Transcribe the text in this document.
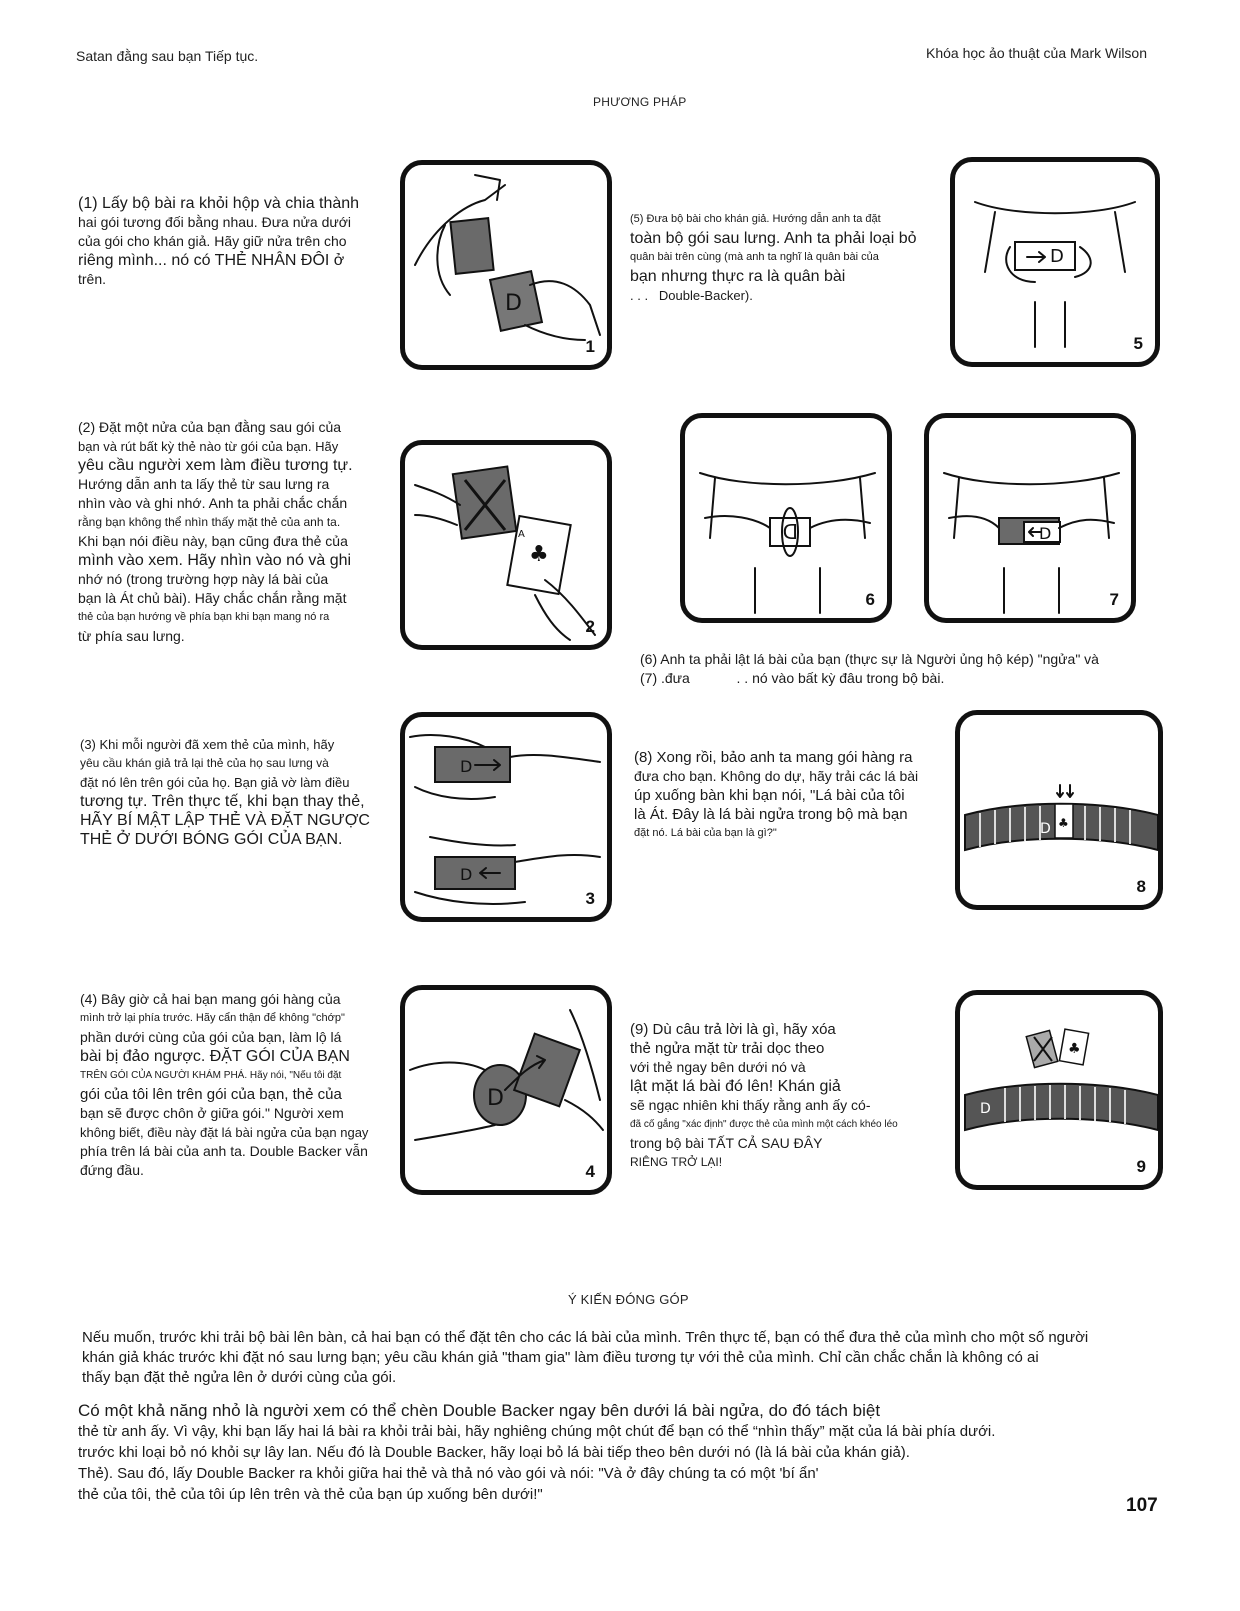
Satan đằng sau bạn Tiếp tục.	Khóa học ảo thuật của Mark Wilson
PHƯƠNG PHÁP
(1) Lấy bộ bài ra khỏi hộp và chia thành
hai gói tương đối bằng nhau. Đưa nửa dưới
của gói cho khán giả. Hãy giữ nửa trên cho
riêng mình... nó có THẺ NHÂN ĐÔI ở
trên.
D
1
(5) Đưa bộ bài cho khán giả. Hướng dẫn anh ta đặt
toàn bộ gói sau lưng. Anh ta phải loại bỏ
quân bài trên cùng (mà anh ta nghĩ là quân bài của
bạn nhưng thực ra là quân bài
. . . Double-Backer).
D
5
(2) Đặt một nửa của bạn đằng sau gói của
bạn và rút bất kỳ thẻ nào từ gói của bạn. Hãy
yêu cầu người xem làm điều tương tự.
Hướng dẫn anh ta lấy thẻ từ sau lưng ra
nhìn vào và ghi nhớ. Anh ta phải chắc chắn
rằng bạn không thể nhìn thấy mặt thẻ của anh ta.
Khi bạn nói điều này, bạn cũng đưa thẻ của
mình vào xem. Hãy nhìn vào nó và ghi
nhớ nó (trong trường hợp này lá bài của
bạn là Át chủ bài). Hãy chắc chắn rằng mặt
thẻ của bạn hướng về phía bạn khi bạn mang nó ra
từ phía sau lưng.
♣
A
2
D
6
D
7
(6) Anh ta phải lật lá bài của bạn (thực sự là Người ủng hộ kép) "ngửa" và
(7) .đưa	. . nó vào bất kỳ đâu trong bộ bài.
(3) Khi mỗi người đã xem thẻ của mình, hãy
yêu cầu khán giả trả lại thẻ của họ sau lưng và
đặt nó lên trên gói của họ. Bạn giả vờ làm điều
tương tự. Trên thực tế, khi bạn thay thẻ,
HÃY BÍ MẬT LẬP THẺ VÀ ĐẶT NGƯỢC
THẺ Ở DƯỚI BÓNG GÓI CỦA BẠN.
D
D
3
(8) Xong rồi, bảo anh ta mang gói hàng ra
đưa cho bạn. Không do dự, hãy trải các lá bài
úp xuống bàn khi bạn nói, "Lá bài của tôi
là Át. Đây là lá bài ngửa trong bộ mà bạn
đặt nó. Lá bài của bạn là gì?"
♣
D
8
(4) Bây giờ cả hai bạn mang gói hàng của
mình trở lại phía trước. Hãy cẩn thận để không "chớp"
phần dưới cùng của gói của bạn, làm lộ lá
bài bị đảo ngược. ĐẶT GÓI CỦA BẠN
TRÊN GÓI CỦA NGƯỜI KHÁM PHÁ. Hãy nói, "Nếu tôi đặt
gói của tôi lên trên gói của bạn, thẻ của
bạn sẽ được chôn ở giữa gói." Người xem
không biết, điều này đặt lá bài ngửa của bạn ngay
phía trên lá bài của anh ta. Double Backer vẫn
đứng đầu.
D
4
(9) Dù câu trả lời là gì, hãy xóa
thẻ ngửa mặt từ trải dọc theo
với thẻ ngay bên dưới nó và
lật mặt lá bài đó lên! Khán giả
sẽ ngạc nhiên khi thấy rằng anh ấy có-
đã cố gắng "xác định" được thẻ của mình một cách khéo léo
trong bộ bài TẤT CẢ SAU ĐÂY
RIÊNG TRỞ LẠI!
D
♣
9
Ý KIẾN ĐÓNG GÓP
Nếu muốn, trước khi trải bộ bài lên bàn, cả hai bạn có thể đặt tên cho các lá bài của mình. Trên thực tế, bạn có thể đưa thẻ của mình cho một số người
khán giả khác trước khi đặt nó sau lưng bạn; yêu cầu khán giả "tham gia" làm điều tương tự với thẻ của mình. Chỉ cần chắc chắn là không có ai
thấy bạn đặt thẻ ngửa lên ở dưới cùng của gói.
Có một khả năng nhỏ là người xem có thể chèn Double Backer ngay bên dưới lá bài ngửa, do đó tách biệt
thẻ từ anh ấy. Vì vậy, khi bạn lấy hai lá bài ra khỏi trải bài, hãy nghiêng chúng một chút để bạn có thể “nhìn thấy” mặt của lá bài phía dưới.
trước khi loại bỏ nó khỏi sự lây lan. Nếu đó là Double Backer, hãy loại bỏ lá bài tiếp theo bên dưới nó (là lá bài của khán giả).
Thẻ). Sau đó, lấy Double Backer ra khỏi giữa hai thẻ và thả nó vào gói và nói: "Và ở đây chúng ta có một 'bí ẩn'
thẻ của tôi, thẻ của tôi úp lên trên và thẻ của bạn úp xuống bên dưới!"
107
